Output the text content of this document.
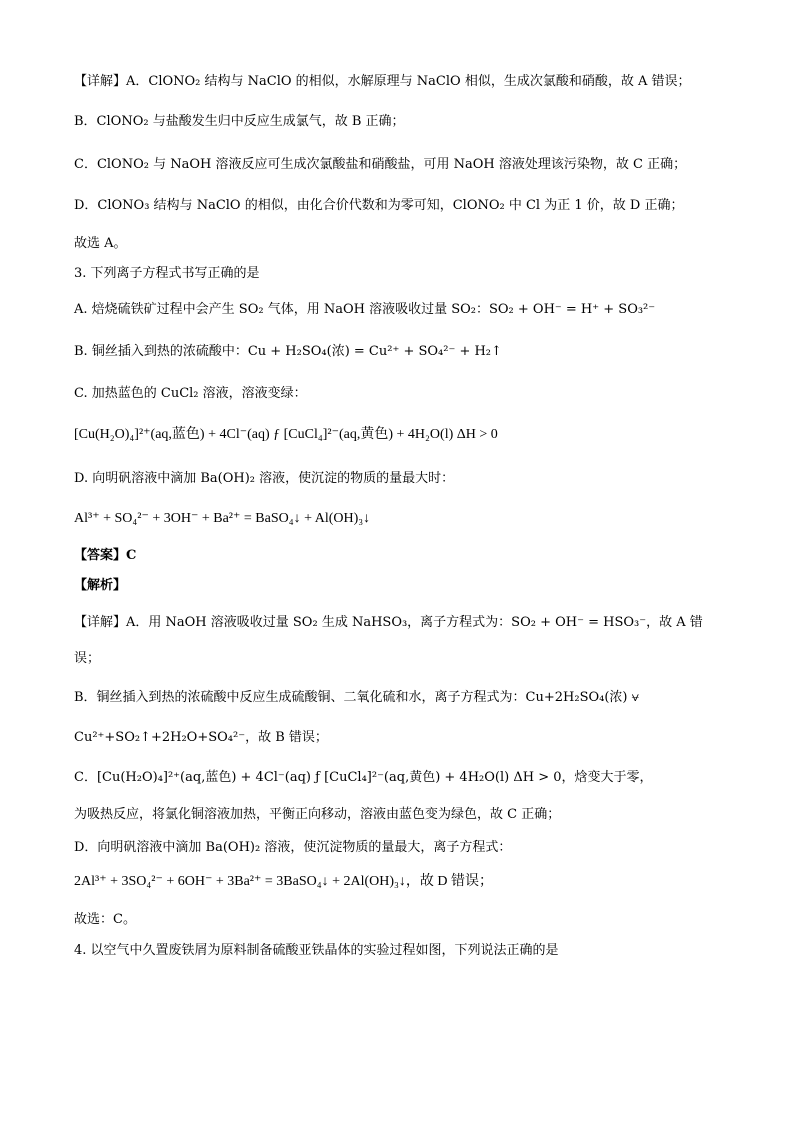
【详解】A．ClONO₂ 结构与 NaClO 的相似，水解原理与 NaClO 相似，生成次氯酸和硝酸，故 A 错误；
B．ClONO₂ 与盐酸发生归中反应生成氯气，故 B 正确；
C．ClONO₂ 与 NaOH 溶液反应可生成次氯酸盐和硝酸盐，可用 NaOH 溶液处理该污染物，故 C 正确；
D．ClONO₃ 结构与 NaClO 的相似，由化合价代数和为零可知，ClONO₂ 中 Cl 为正 1 价，故 D 正确；
故选 A。
3. 下列离子方程式书写正确的是
A. 焙烧硫铁矿过程中会产生 SO₂ 气体，用 NaOH 溶液吸收过量 SO₂：SO₂ + OH⁻ = H⁺ + SO₃²⁻
B. 铜丝插入到热的浓硫酸中：Cu + H₂SO₄(浓) = Cu²⁺ + SO₄²⁻ + H₂↑
C. 加热蓝色的 CuCl₂ 溶液，溶液变绿：
[Cu(H₂O)₄]²⁺(aq,蓝色) + 4Cl⁻(aq) ƒ [CuCl₄]²⁻(aq,黄色) + 4H₂O(l) ΔH > 0
D. 向明矾溶液中滴加 Ba(OH)₂ 溶液，使沉淀的物质的量最大时：
Al³⁺ + SO₄²⁻ + 3OH⁻ + Ba²⁺ = BaSO₄↓ + Al(OH)₃↓
【答案】C
【解析】
【详解】A．用 NaOH 溶液吸收过量 SO₂ 生成 NaHSO₃，离子方程式为：SO₂ + OH⁻ = HSO₃⁻，故 A 错
误；
B．铜丝插入到热的浓硫酸中反应生成硫酸铜、二氧化硫和水，离子方程式为：Cu+2H₂SO₄(浓) ⩝
Cu²⁺+SO₂↑+2H₂O+SO₄²⁻，故 B 错误；
C．[Cu(H₂O)₄]²⁺(aq,蓝色) + 4Cl⁻(aq) ƒ [CuCl₄]²⁻(aq,黄色) + 4H₂O(l) ΔH > 0，焓变大于零，
为吸热反应，将氯化铜溶液加热，平衡正向移动，溶液由蓝色变为绿色，故 C 正确；
D．向明矾溶液中滴加 Ba(OH)₂ 溶液，使沉淀物质的量最大，离子方程式：
2Al³⁺ + 3SO₄²⁻ + 6OH⁻ + 3Ba²⁺ = 3BaSO₄↓ + 2Al(OH)₃↓，故 D 错误；
故选：C。
4. 以空气中久置废铁屑为原料制备硫酸亚铁晶体的实验过程如图，下列说法正确的是
